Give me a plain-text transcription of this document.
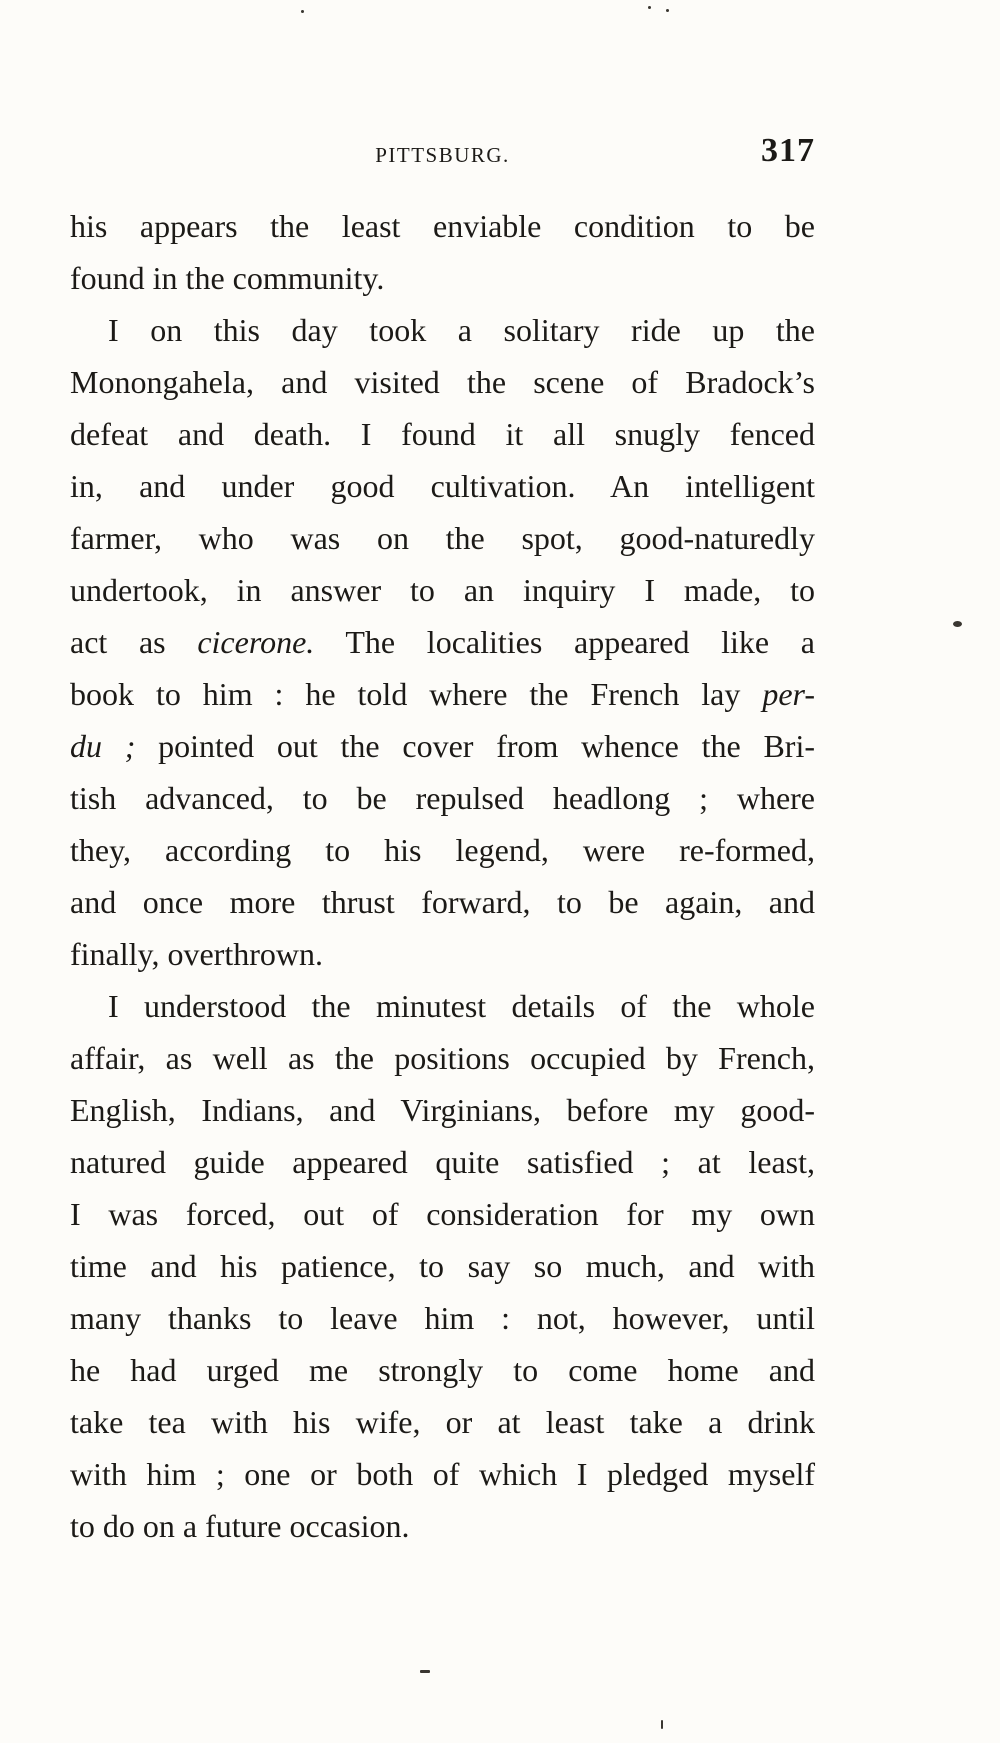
PITTSBURG.	317
his appears the least enviable condition to be
found in the community.
I on this day took a solitary ride up the
Monongahela, and visited the scene of Bradock’s
defeat and death. I found it all snugly fenced
in, and under good cultivation. An intelligent
farmer, who was on the spot, good-naturedly
undertook, in answer to an inquiry I made, to
act as cicerone. The localities appeared like a
book to him : he told where the French lay per-
du ; pointed out the cover from whence the Bri-
tish advanced, to be repulsed headlong ; where
they, according to his legend, were re-formed,
and once more thrust forward, to be again, and
finally, overthrown.
I understood the minutest details of the whole
affair, as well as the positions occupied by French,
English, Indians, and Virginians, before my good-
natured guide appeared quite satisfied ; at least,
I was forced, out of consideration for my own
time and his patience, to say so much, and with
many thanks to leave him : not, however, until
he had urged me strongly to come home and
take tea with his wife, or at least take a drink
with him ; one or both of which I pledged myself
to do on a future occasion.
